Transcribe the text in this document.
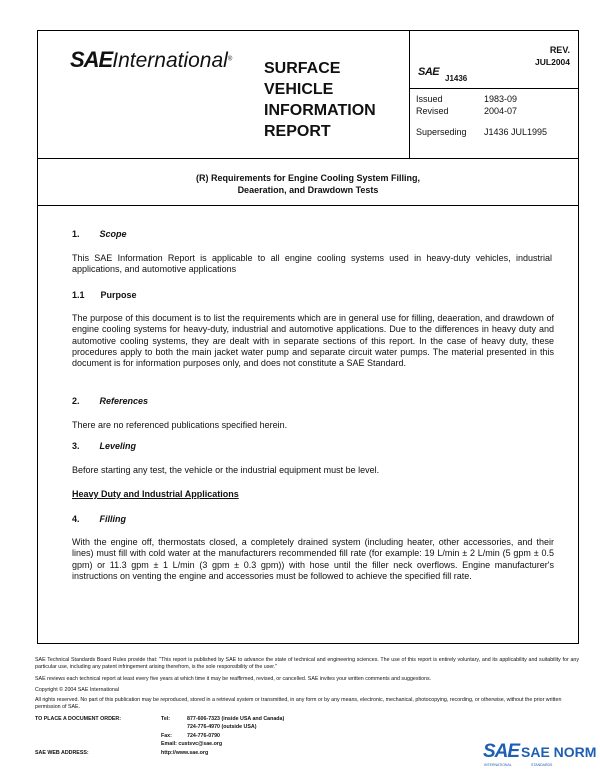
SAEInternational®
SURFACE
VEHICLE
INFORMATION
REPORT
SAE
J1436
REV.
JUL2004
Issued	1983-09
Revised	2004-07
Superseding J1436 JUL1995
(R) Requirements for Engine Cooling System Filling,
Deaeration, and Drawdown Tests
1. Scope
This SAE Information Report is applicable to all engine cooling systems used in heavy-duty vehicles, industrial applications, and automotive applications
1.1 Purpose
The purpose of this document is to list the requirements which are in general use for filling, deaeration, and drawdown of engine cooling systems for heavy-duty, industrial and automotive applications. Due to the differences in heavy duty and automotive cooling systems, they are dealt with in separate sections of this report. In the case of heavy duty, these procedures apply to both the main jacket water pump and separate circuit water pumps. The material presented in this document is for information purposes only, and does not constitute a SAE Standard.
2. References
There are no referenced publications specified herein.
3. Leveling
Before starting any test, the vehicle or the industrial equipment must be level.
Heavy Duty and Industrial Applications
4. Filling
With the engine off, thermostats closed, a completely drained system (including heater, other accessories, and their lines) must fill with cold water at the manufacturers recommended fill rate (for example: 19 L/min ± 2 L/min (5 gpm ± 0.5 gpm) or 11.3 gpm ± 1 L/min (3 gpm ± 0.3 gpm)) with hose until the filler neck overflows. Engine manufacturer's instructions on venting the engine and accessories must be followed to achieve the specified fill rate.
SAE Technical Standards Board Rules provide that: "This report is published by SAE to advance the state of technical and engineering sciences. The use of this report is entirely voluntary, and its applicability and suitability for any particular use, including any patent infringement arising therefrom, is the sole responsibility of the user."
SAE reviews each technical report at least every five years at which time it may be reaffirmed, revised, or cancelled. SAE invites your written comments and suggestions.
Copyright © 2004 SAE International
All rights reserved. No part of this publication may be reproduced, stored in a retrieval system or transmitted, in any form or by any means, electronic, mechanical, photocopying, recording, or otherwise, without the prior written permission of SAE.
TO PLACE A DOCUMENT ORDER:	Tel:	877-606-7323 (inside USA and Canada)
724-776-4970 (outside USA)
Fax:	724-776-0790
Email: custsvc@sae.org
SAE WEB ADDRESS:	http://www.sae.org	SAE SAE NORM
INTERNATIONAL                    STANDARDS
